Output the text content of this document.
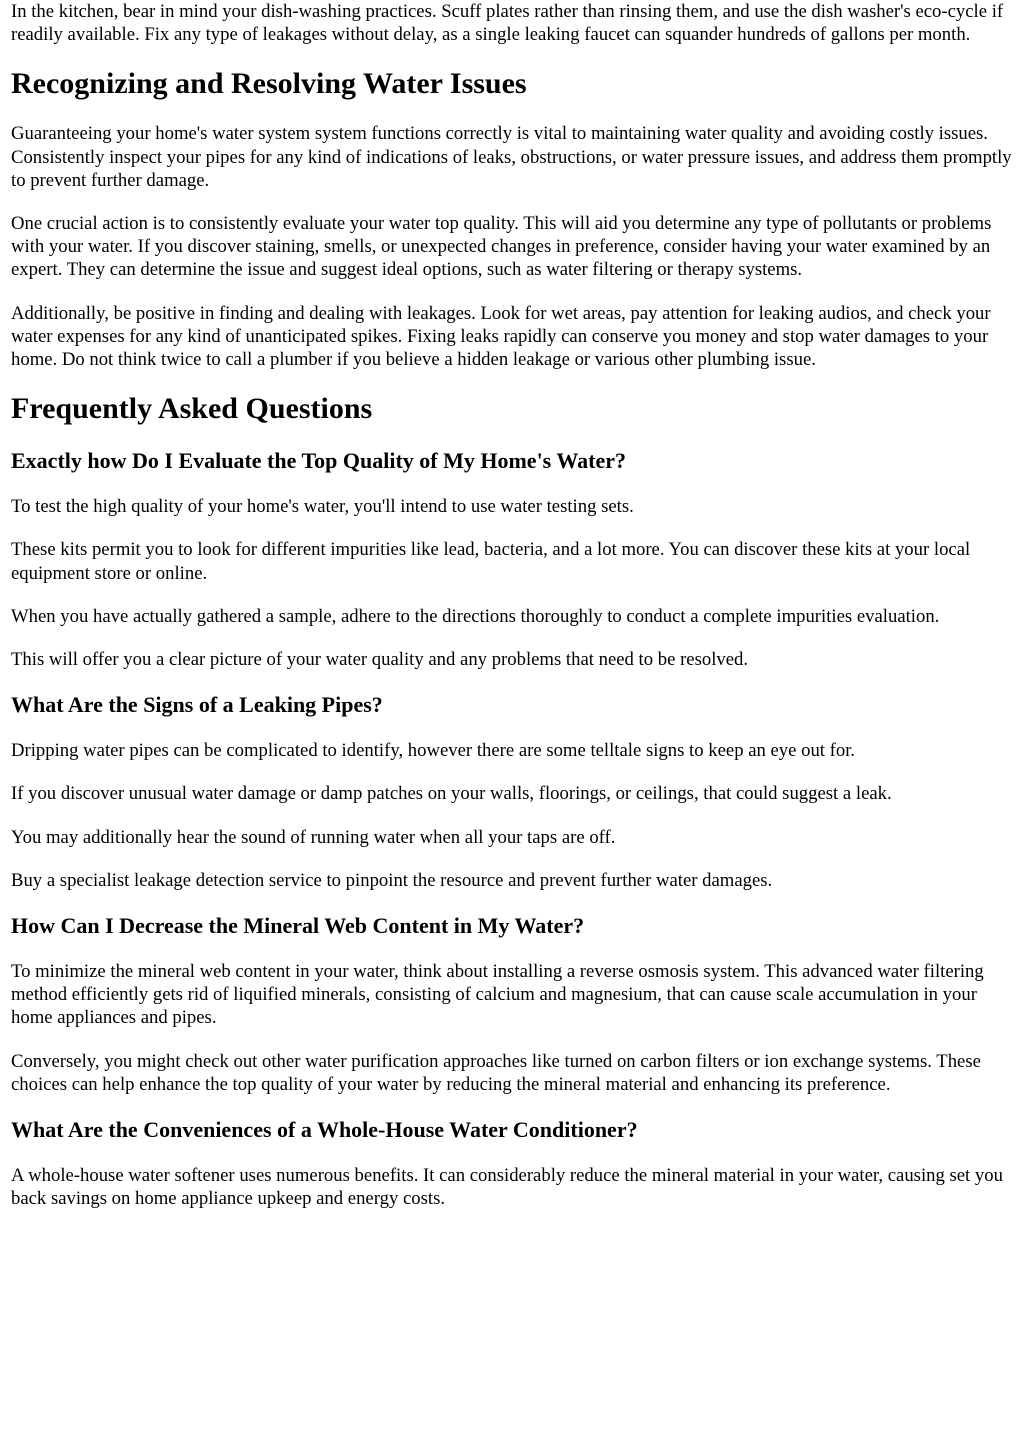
In the kitchen, bear in mind your dish-washing practices. Scuff plates rather than rinsing them, and use the dish washer's eco-cycle if readily available. Fix any type of leakages without delay, as a single leaking faucet can squander hundreds of gallons per month.

Recognizing and Resolving Water Issues

Guaranteeing your home's water system system functions correctly is vital to maintaining water quality and avoiding costly issues. Consistently inspect your pipes for any kind of indications of leaks, obstructions, or water pressure issues, and address them promptly to prevent further damage.

One crucial action is to consistently evaluate your water top quality. This will aid you determine any type of pollutants or problems with your water. If you discover staining, smells, or unexpected changes in preference, consider having your water examined by an expert. They can determine the issue and suggest ideal options, such as water filtering or therapy systems.

Additionally, be positive in finding and dealing with leakages. Look for wet areas, pay attention for leaking audios, and check your water expenses for any kind of unanticipated spikes. Fixing leaks rapidly can conserve you money and stop water damages to your home. Do not think twice to call a plumber if you believe a hidden leakage or various other plumbing issue.

Frequently Asked Questions
Exactly how Do I Evaluate the Top Quality of My Home's Water?

To test the high quality of your home's water, you'll intend to use water testing sets.

These kits permit you to look for different impurities like lead, bacteria, and a lot more. You can discover these kits at your local equipment store or online.

When you have actually gathered a sample, adhere to the directions thoroughly to conduct a complete impurities evaluation.

This will offer you a clear picture of your water quality and any problems that need to be resolved.

What Are the Signs of a Leaking Pipes?

Dripping water pipes can be complicated to identify, however there are some telltale signs to keep an eye out for.

If you discover unusual water damage or damp patches on your walls, floorings, or ceilings, that could suggest a leak.

You may additionally hear the sound of running water when all your taps are off.

Buy a specialist leakage detection service to pinpoint the resource and prevent further water damages.

How Can I Decrease the Mineral Web Content in My Water?

To minimize the mineral web content in your water, think about installing a reverse osmosis system. This advanced water filtering method efficiently gets rid of liquified minerals, consisting of calcium and magnesium, that can cause scale accumulation in your home appliances and pipes.

Conversely, you might check out other water purification approaches like turned on carbon filters or ion exchange systems. These choices can help enhance the top quality of your water by reducing the mineral material and enhancing its preference.

What Are the Conveniences of a Whole-House Water Conditioner?

A whole-house water softener uses numerous benefits. It can considerably reduce the mineral material in your water, causing set you back savings on home appliance upkeep and energy costs.
